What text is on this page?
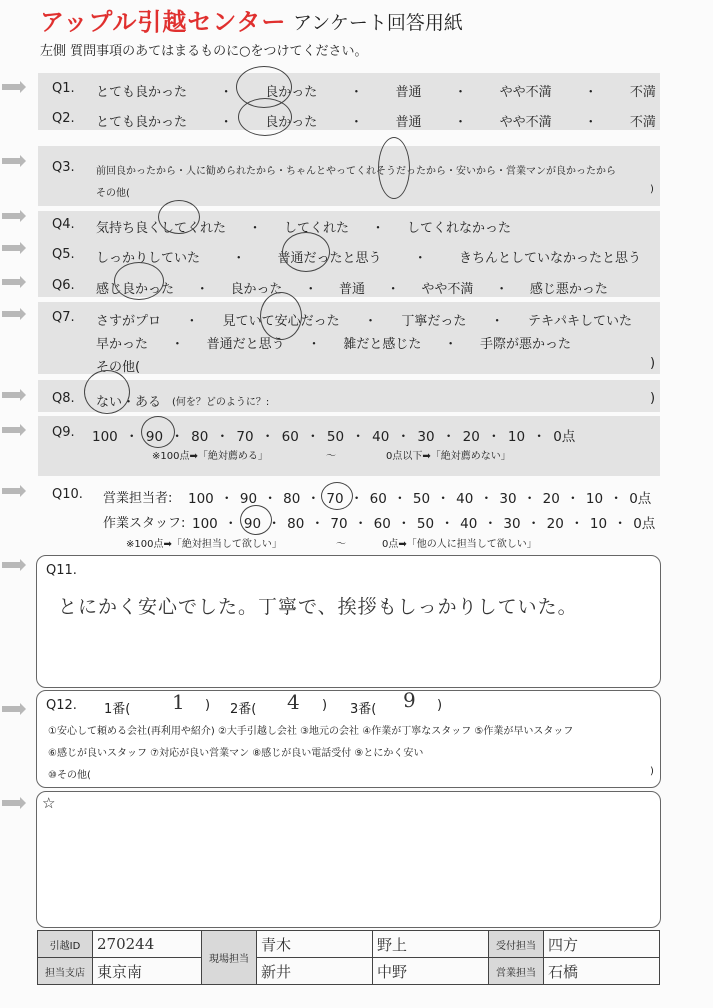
アップル引越センター アンケート回答用紙
左側 質問事項のあてはまるものに○をつけてください。
Q1. とても良かった	・	良かった	・	普通	・	やや不満	・	不満
Q2. とても良かった	・	良かった	・	普通	・	やや不満	・	不満
Q3. 前回良かったから・人に勧められたから・ちゃんとやってくれそうだったから・安いから・営業マンが良かったから
その他(	)
Q4. 気持ち良くしてくれた ・ してくれた ・ してくれなかった
Q5. しっかりしていた ・ 普通だったと思う ・ きちんとしていなかったと思う
Q6. 感じ良かった ・ 良かった ・ 普通 ・ やや不満 ・ 感じ悪かった
Q7. さすがプロ ・ 見ていて安心だった ・ 丁寧だった ・ テキパキしていた
早かった ・ 普通だと思う ・ 雑だと感じた ・ 手際が悪かった
その他(	)
Q8. ない・ある (何を？どのように？:	)
Q9. 100 ・ 90 ・ 80 ・ 70 ・ 60 ・ 50 ・ 40 ・ 30 ・ 20 ・ 10 ・ 0点
※100点➡「絶対薦める」	〜	0点以下➡「絶対薦めない」
Q10. 営業担当者: 100 ・ 90 ・ 80 ・ 70 ・ 60 ・ 50 ・ 40 ・ 30 ・ 20 ・ 10 ・ 0点
作業スタッフ: 100 ・ 90 ・ 80 ・ 70 ・ 60 ・ 50 ・ 40 ・ 30 ・ 20 ・ 10 ・ 0点
※100点➡「絶対担当して欲しい」	〜	0点➡「他の人に担当して欲しい」
Q11.
とにかく安心でした。丁寧で、挨拶もしっかりしていた。
Q12. 1番( 1 ) 2番( 4 ) 3番( 9 )
①安心して頼める会社(再利用や紹介) ②大手引越し会社 ③地元の会社 ④作業が丁寧なスタッフ ⑤作業が早いスタッフ
⑥感じが良いスタッフ ⑦対応が良い営業マン ⑧感じが良い電話受付 ⑨とにかく安い
⑩その他(	)
☆
引越ID	270244	現場担当	青木	野上	受付担当	四方
担当支店	東京南		新井	中野	営業担当	石橋
